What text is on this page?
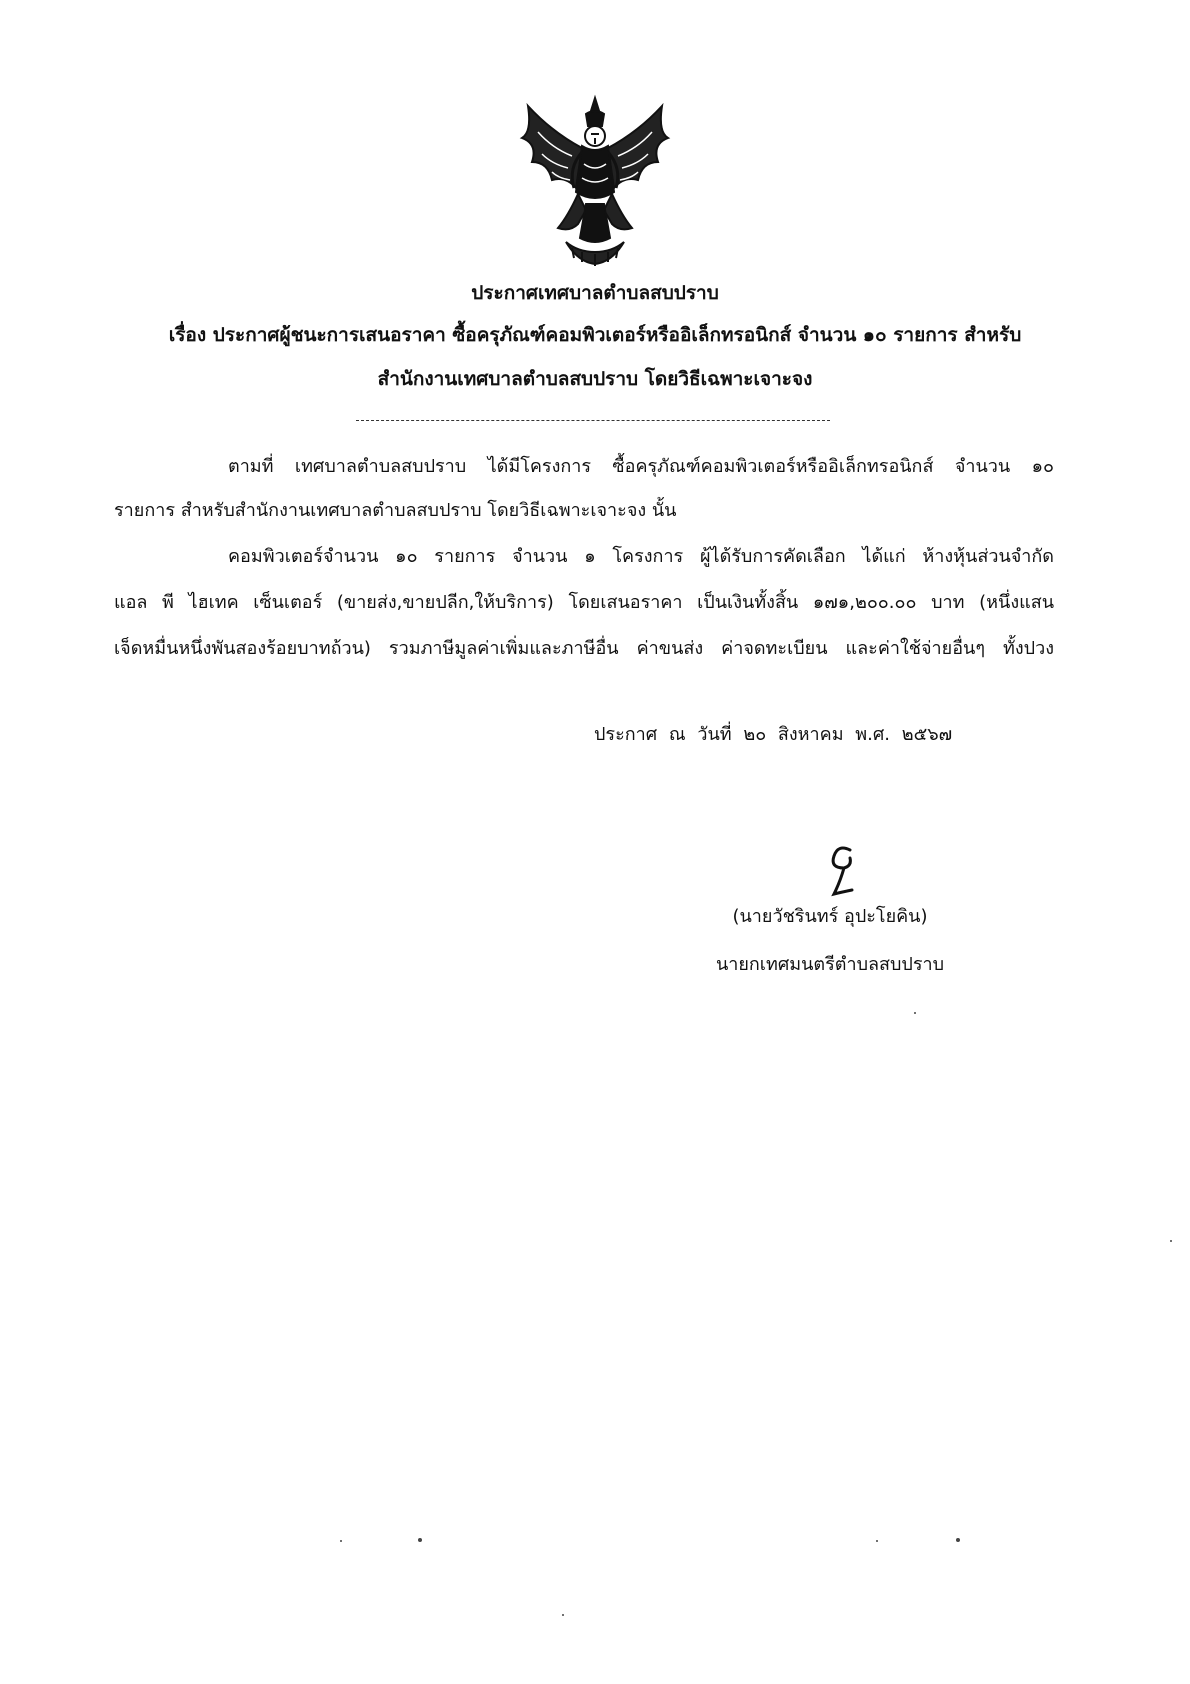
ประกาศเทศบาลตำบลสบปราบ
เรื่อง ประกาศผู้ชนะการเสนอราคา ซื้อครุภัณฑ์คอมพิวเตอร์หรืออิเล็กทรอนิกส์ จำนวน ๑๐ รายการ สำหรับ
สำนักงานเทศบาลตำบลสบปราบ โดยวิธีเฉพาะเจาะจง
ตามที่ เทศบาลตำบลสบปราบ ได้มีโครงการ ซื้อครุภัณฑ์คอมพิวเตอร์หรืออิเล็กทรอนิกส์ จำนวน ๑๐
รายการ สำหรับสำนักงานเทศบาลตำบลสบปราบ โดยวิธีเฉพาะเจาะจง นั้น
คอมพิวเตอร์จำนวน ๑๐ รายการ จำนวน ๑ โครงการ ผู้ได้รับการคัดเลือก ได้แก่ ห้างหุ้นส่วนจำกัด
แอล พี ไฮเทค เซ็นเตอร์ (ขายส่ง,ขายปลีก,ให้บริการ) โดยเสนอราคา เป็นเงินทั้งสิ้น ๑๗๑,๒๐๐.๐๐ บาท (หนึ่งแสน
เจ็ดหมื่นหนึ่งพันสองร้อยบาทถ้วน) รวมภาษีมูลค่าเพิ่มและภาษีอื่น ค่าขนส่ง ค่าจดทะเบียน และค่าใช้จ่ายอื่นๆ ทั้งปวง
ประกาศ ณ วันที่ ๒๐ สิงหาคม พ.ศ. ๒๕๖๗
(นายวัชรินทร์ อุปะโยคิน)
นายกเทศมนตรีตำบลสบปราบ
